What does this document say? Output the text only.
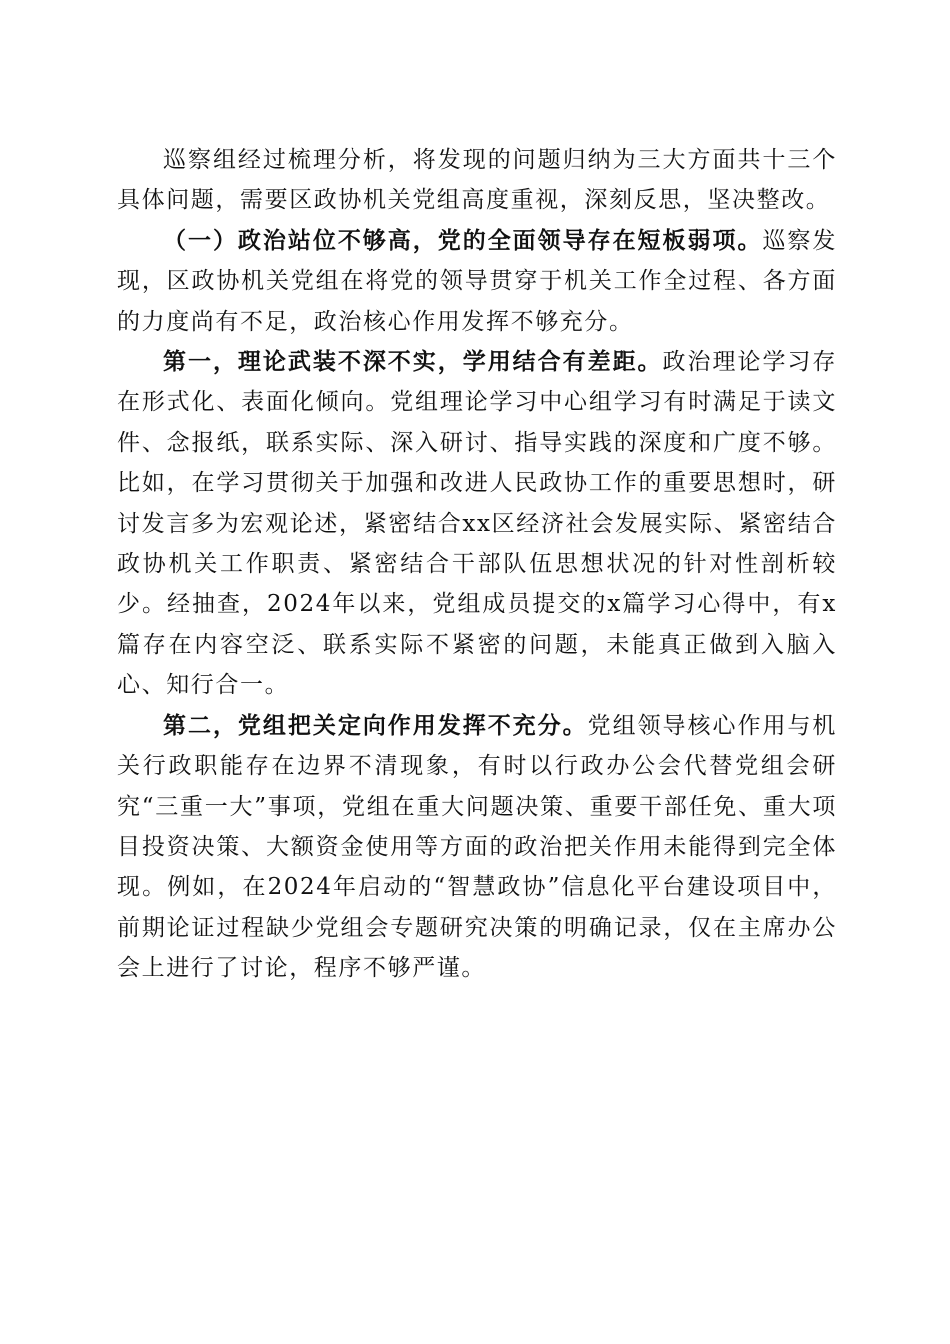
巡察组经过梳理分析，将发现的问题归纳为三大方面共十三个具体问题，需要区政协机关党组高度重视，深刻反思，坚决整改。

（一）政治站位不够高，党的全面领导存在短板弱项。巡察发现，区政协机关党组在将党的领导贯穿于机关工作全过程、各方面的力度尚有不足，政治核心作用发挥不够充分。

第一，理论武装不深不实，学用结合有差距。政治理论学习存在形式化、表面化倾向。党组理论学习中心组学习有时满足于读文件、念报纸，联系实际、深入研讨、指导实践的深度和广度不够。比如，在学习贯彻关于加强和改进人民政协工作的重要思想时，研讨发言多为宏观论述，紧密结合xx区经济社会发展实际、紧密结合政协机关工作职责、紧密结合干部队伍思想状况的针对性剖析较少。经抽查，2024年以来，党组成员提交的x篇学习心得中，有x篇存在内容空泛、联系实际不紧密的问题，未能真正做到入脑入心、知行合一。

第二，党组把关定向作用发挥不充分。党组领导核心作用与机关行政职能存在边界不清现象，有时以行政办公会代替党组会研究“三重一大”事项，党组在重大问题决策、重要干部任免、重大项目投资决策、大额资金使用等方面的政治把关作用未能得到完全体现。例如，在2024年启动的“智慧政协”信息化平台建设项目中，前期论证过程缺少党组会专题研究决策的明确记录，仅在主席办公会上进行了讨论，程序不够严谨。
